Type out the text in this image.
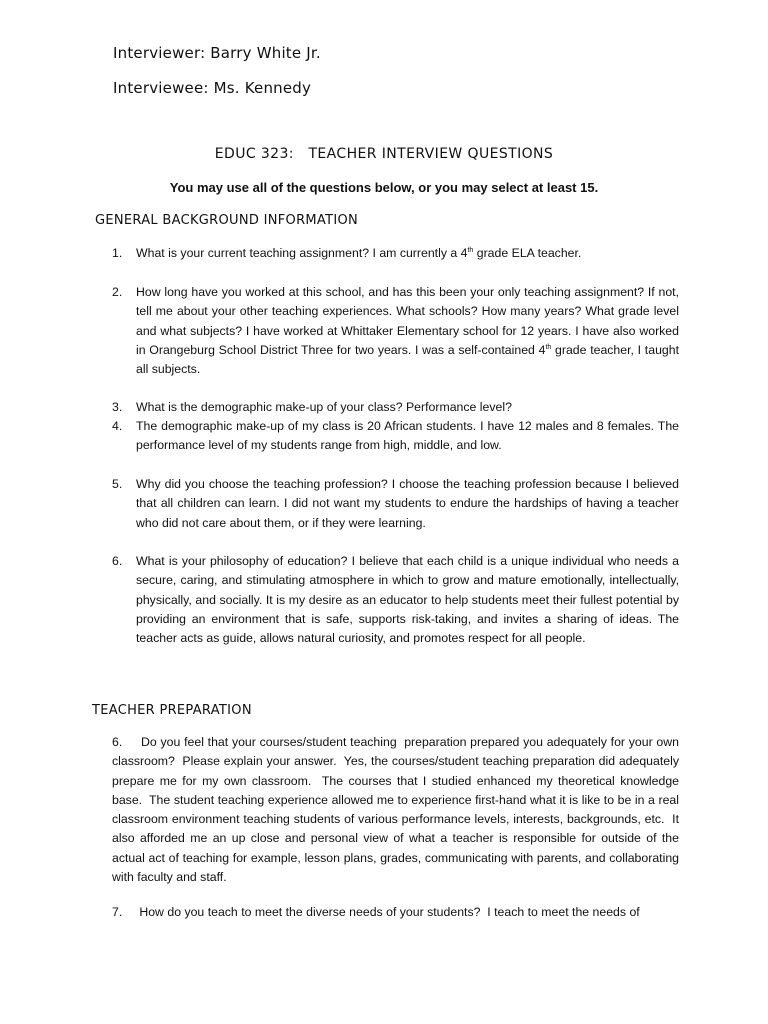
Interviewer: Barry White Jr.
Interviewee: Ms. Kennedy
EDUC 323:   TEACHER INTERVIEW QUESTIONS
You may use all of the questions below, or you may select at least 15.
GENERAL BACKGROUND INFORMATION
1. What is your current teaching assignment? I am currently a 4th grade ELA teacher.
2. How long have you worked at this school, and has this been your only teaching assignment? If not, tell me about your other teaching experiences. What schools? How many years? What grade level and what subjects? I have worked at Whittaker Elementary school for 12 years. I have also worked in Orangeburg School District Three for two years. I was a self-contained 4th grade teacher, I taught all subjects.
3. What is the demographic make-up of your class? Performance level?
4. The demographic make-up of my class is 20 African students. I have 12 males and 8 females. The performance level of my students range from high, middle, and low.
5. Why did you choose the teaching profession? I choose the teaching profession because I believed that all children can learn. I did not want my students to endure the hardships of having a teacher who did not care about them, or if they were learning.
6. What is your philosophy of education? I believe that each child is a unique individual who needs a secure, caring, and stimulating atmosphere in which to grow and mature emotionally, intellectually, physically, and socially. It is my desire as an educator to help students meet their fullest potential by providing an environment that is safe, supports risk-taking, and invites a sharing of ideas. The teacher acts as guide, allows natural curiosity, and promotes respect for all people.
TEACHER PREPARATION
6.     Do you feel that your courses/student teaching  preparation prepared you adequately for your own classroom?  Please explain your answer.  Yes, the courses/student teaching preparation did adequately prepare me for my own classroom.  The courses that I studied enhanced my theoretical knowledge base.  The student teaching experience allowed me to experience first-hand what it is like to be in a real classroom environment teaching students of various performance levels, interests, backgrounds, etc.  It also afforded me an up close and personal view of what a teacher is responsible for outside of the actual act of teaching for example, lesson plans, grades, communicating with parents, and collaborating with faculty and staff.
7.     How do you teach to meet the diverse needs of your students?  I teach to meet the needs of
